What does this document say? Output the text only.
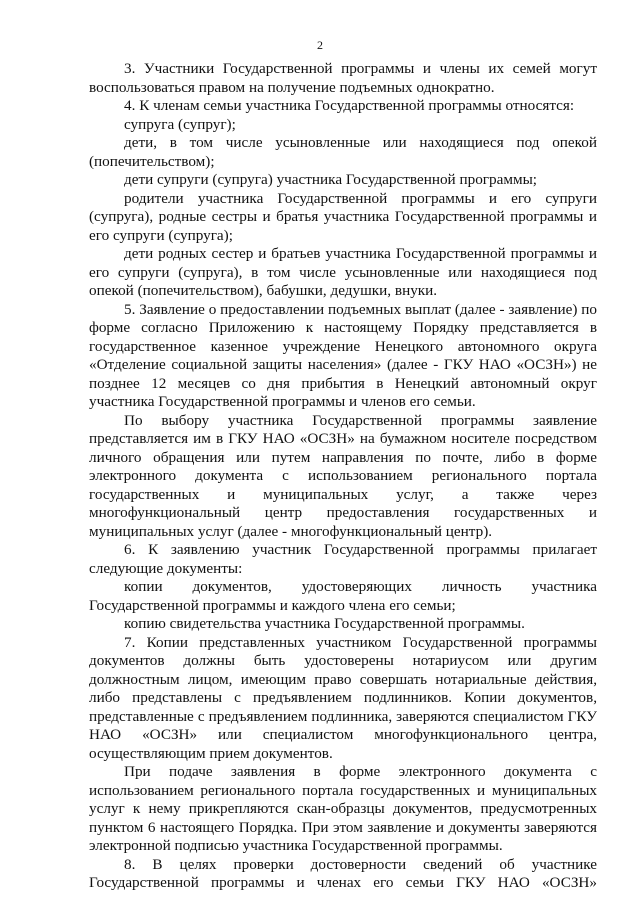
2

3. Участники Государственной программы и члены их семей могут воспользоваться правом на получение подъемных однократно.

4. К членам семьи участника Государственной программы относятся:

супруга (супруг);

дети, в том числе усыновленные или находящиеся под опекой (попечительством);

дети супруги (супруга) участника Государственной программы;

родители участника Государственной программы и его супруги (супруга), родные сестры и братья участника Государственной программы и его супруги (супруга);

дети родных сестер и братьев участника Государственной программы и его супруги (супруга), в том числе усыновленные или находящиеся под опекой (попечительством), бабушки, дедушки, внуки.

5. Заявление о предоставлении подъемных выплат (далее - заявление) по форме согласно Приложению к настоящему Порядку представляется в государственное казенное учреждение Ненецкого автономного округа «Отделение социальной защиты населения» (далее - ГКУ НАО «ОСЗН») не позднее 12 месяцев со дня прибытия в Ненецкий автономный округ участника Государственной программы и членов его семьи.

По выбору участника Государственной программы заявление представляется им в ГКУ НАО «ОСЗН» на бумажном носителе посредством личного обращения или путем направления по почте, либо в форме электронного документа с использованием регионального портала государственных и муниципальных услуг, а также через многофункциональный центр предоставления государственных и муниципальных услуг (далее - многофункциональный центр).

6. К заявлению участник Государственной программы прилагает следующие документы:

копии документов, удостоверяющих личность участника Государственной программы и каждого члена его семьи;

копию свидетельства участника Государственной программы.

7. Копии представленных участником Государственной программы документов должны быть удостоверены нотариусом или другим должностным лицом, имеющим право совершать нотариальные действия, либо представлены с предъявлением подлинников. Копии документов, представленные с предъявлением подлинника, заверяются специалистом ГКУ НАО «ОСЗН» или специалистом многофункционального центра, осуществляющим прием документов.

При подаче заявления в форме электронного документа с использованием регионального портала государственных и муниципальных услуг к нему прикрепляются скан-образцы документов, предусмотренных пунктом 6 настоящего Порядка. При этом заявление и документы заверяются электронной подписью участника Государственной программы.

8. В целях проверки достоверности сведений об участнике Государственной программы и членах его семьи ГКУ НАО «ОСЗН»
